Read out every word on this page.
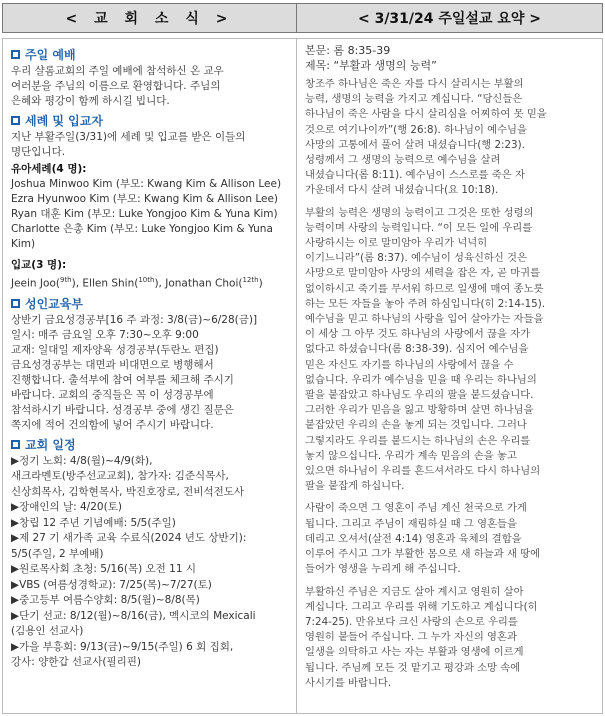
< 교 회 소 식 >	< 3/31/24 주일설교 요약 >
주일 예배

우리 샬롬교회의 주일 예배에 참석하신 온 교우
여러분을 주님의 이름으로 환영합니다. 주님의
은혜와 평강이 함께 하시길 빕니다.

세례 및 입교자

지난 부활주일(3/31)에 세례 및 입교를 받은 이들의
명단입니다.

유아세례(4 명):
Joshua Minwoo Kim (부모: Kwang Kim & Allison Lee)
Ezra Hyunwoo Kim (부모: Kwang Kim & Allison Lee)
Ryan 대훈 Kim (부모: Luke Yongjoo Kim & Yuna Kim)
Charlotte 은총 Kim (부모: Luke Yongjoo Kim & Yuna
Kim)
입교(3 명):
Jeein Joo($^{9th}$), Ellen Shin($^{10th}$), Jonathan Choi($^{12th}$)
성인교육부

상반기 금요성경공부[16 주 과정: 3/8(금)~6/28(금)]
일시: 매주 금요일 오후 7:30~오후 9:00
교재: 일대일 제자양육 성경공부(두란노 편집)
금요성경공부는 대면과 비대면으로 병행해서
진행합니다. 출석부에 참여 여부를 체크해 주시기
바랍니다. 교회의 중직들은 꼭 이 성경공부에
참석하시기 바랍니다. 성경공부 중에 생긴 질문은
쪽지에 적어 건의함에 넣어 주시기 바랍니다.

교회 일정
▶정기 노회: 4/8(월)~4/9(화),
새크라멘토(방주선교교회), 참가자: 김준식목사,
신상희목사, 김학현목사, 박진호장로, 전비석전도사
▶장애인의 날: 4/20(토)
▶창립 12 주년 기념예배: 5/5(주일)
▶제 27 기 새가족 교육 수료식(2024 년도 상반기):
5/5(주일, 2 부예배)
▶원로목사회 초청: 5/16(목) 오전 11 시
▶VBS (여름성경학교): 7/25(목)~7/27(토)
▶중고등부 여름수양회: 8/5(월)~8/8(목)
▶단기 선교: 8/12(월)~8/16(금), 멕시코의 Mexicali
(김용인 선교사)
▶가을 부흥회: 9/13(금)~9/15(주일) 6 회 집회,
강사: 양한갑 선교사(필리핀)
본문: 롬 8:35-39
제목: “부활과 생명의 능력”

창조주 하나님은 죽은 자를 다시 살리시는 부활의
능력, 생명의 능력을 가지고 계십니다. “당신들은
하나님이 죽은 사람을 다시 살리심을 어찌하여 못 믿을
것으로 여기나이까”(행 26:8). 하나님이 예수님을
사망의 고통에서 풀어 살려 내셨습니다(행 2:23).
성령께서 그 생명의 능력으로 예수님을 살려
내셨습니다(롬 8:11). 예수님이 스스로를 죽은 자
가운데서 다시 살려 내셨습니다(요 10:18).

부활의 능력은 생명의 능력이고 그것은 또한 성령의
능력이며 사랑의 능력입니다. “이 모든 일에 우리를
사랑하시는 이로 말미암아 우리가 넉넉히
이기느니라”(롬 8:37). 예수님이 성육신하신 것은
사망으로 말미암아 사망의 세력을 잡은 자, 곧 마귀를
없이하시고 죽기를 무서워 하므로 일생에 매여 종노릇
하는 모든 자들을 놓아 주려 하심입니다(히 2:14-15).
예수님을 믿고 하나님의 사랑을 입어 살아가는 자들을
이 세상 그 아무 것도 하나님의 사랑에서 끊을 자가
없다고 하셨습니다(롬 8:38-39). 심지어 예수님을
믿은 자신도 자기를 하나님의 사랑에서 끊을 수
없습니다. 우리가 예수님을 믿을 때 우리는 하나님의
팔을 붙잡았고 하나님도 우리의 팔을 붙드셨습니다.
그러한 우리가 믿음을 잃고 방황하며 살면 하나님을
붙잡았던 우리의 손을 놓게 되는 것입니다. 그러나
그렇지라도 우리를 붙드시는 하나님의 손은 우리를
놓지 않으십니다. 우리가 계속 믿음의 손을 놓고
있으면 하나님이 우리를 흔드셔서라도 다시 하나님의
팔을 붙잡게 하십니다.

사람이 죽으면 그 영혼이 주님 계신 천국으로 가게
됩니다. 그리고 주님이 재림하실 때 그 영혼들을
데리고 오셔서(살전 4:14) 영혼과 육체의 결합을
이루어 주시고 그가 부활한 몸으로 새 하늘과 새 땅에
들어가 영생을 누리게 해 주십니다.

부활하신 주님은 지금도 살아 계시고 영원히 살아
계십니다. 그리고 우리를 위해 기도하고 계십니다(히
7:24-25). 만유보다 크신 사랑의 손으로 우리를
영원히 붙들어 주십니다. 그 누가 자신의 영혼과
일생을 의탁하고 사는 자는 부활과 영생에 이르게
됩니다. 주님께 모든 것 맡기고 평강과 소망 속에
사시기를 바랍니다.
